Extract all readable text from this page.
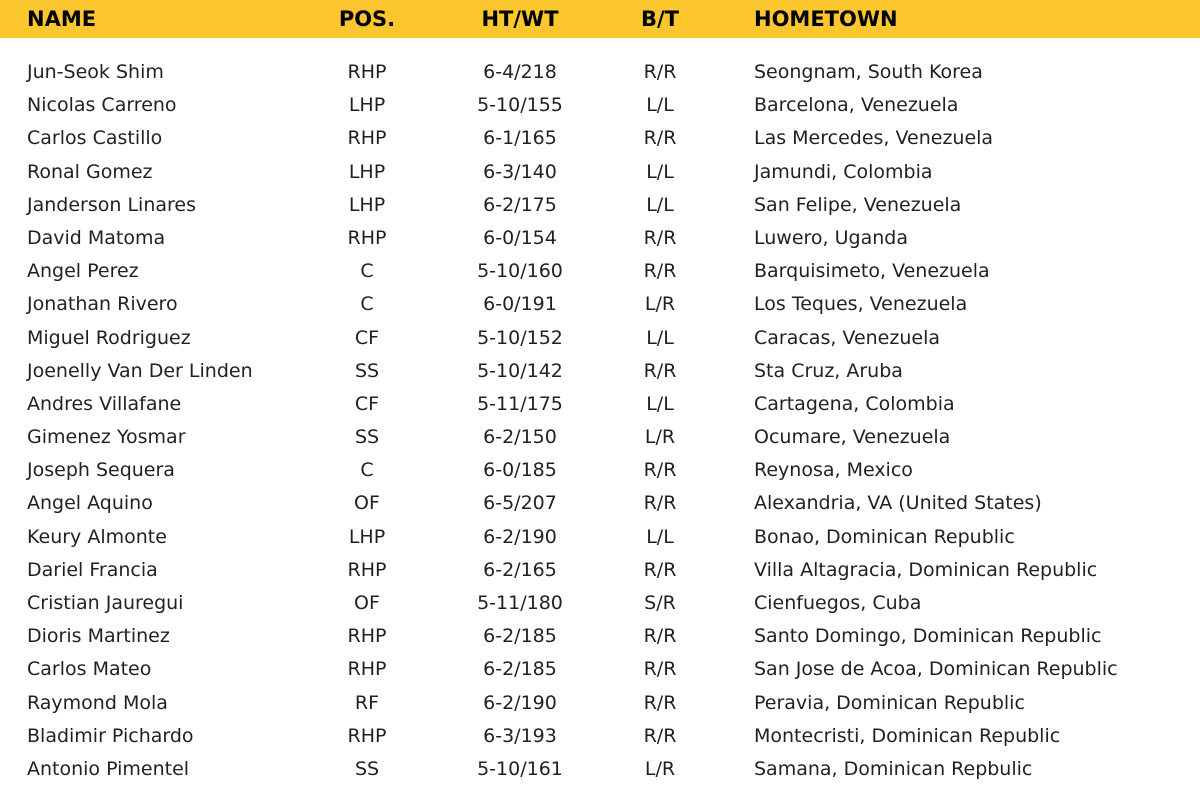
NAME	POS.	HT/WT	B/T	HOMETOWN
Jun-Seok Shim	RHP	6-4/218	R/R	Seongnam, South Korea
Nicolas Carreno	LHP	5-10/155	L/L	Barcelona, Venezuela
Carlos Castillo	RHP	6-1/165	R/R	Las Mercedes, Venezuela
Ronal Gomez	LHP	6-3/140	L/L	Jamundi, Colombia
Janderson Linares	LHP	6-2/175	L/L	San Felipe, Venezuela
David Matoma	RHP	6-0/154	R/R	Luwero, Uganda
Angel Perez	C	5-10/160	R/R	Barquisimeto, Venezuela
Jonathan Rivero	C	6-0/191	L/R	Los Teques, Venezuela
Miguel Rodriguez	CF	5-10/152	L/L	Caracas, Venezuela
Joenelly Van Der Linden	SS	5-10/142	R/R	Sta Cruz, Aruba
Andres Villafane	CF	5-11/175	L/L	Cartagena, Colombia
Gimenez Yosmar	SS	6-2/150	L/R	Ocumare, Venezuela
Joseph Sequera	C	6-0/185	R/R	Reynosa, Mexico
Angel Aquino	OF	6-5/207	R/R	Alexandria, VA (United States)
Keury Almonte	LHP	6-2/190	L/L	Bonao, Dominican Republic
Dariel Francia	RHP	6-2/165	R/R	Villa Altagracia, Dominican Republic
Cristian Jauregui	OF	5-11/180	S/R	Cienfuegos, Cuba
Dioris Martinez	RHP	6-2/185	R/R	Santo Domingo, Dominican Republic
Carlos Mateo	RHP	6-2/185	R/R	San Jose de Acoa, Dominican Republic
Raymond Mola	RF	6-2/190	R/R	Peravia, Dominican Republic
Bladimir Pichardo	RHP	6-3/193	R/R	Montecristi, Dominican Republic
Antonio Pimentel	SS	5-10/161	L/R	Samana, Dominican Repbulic
